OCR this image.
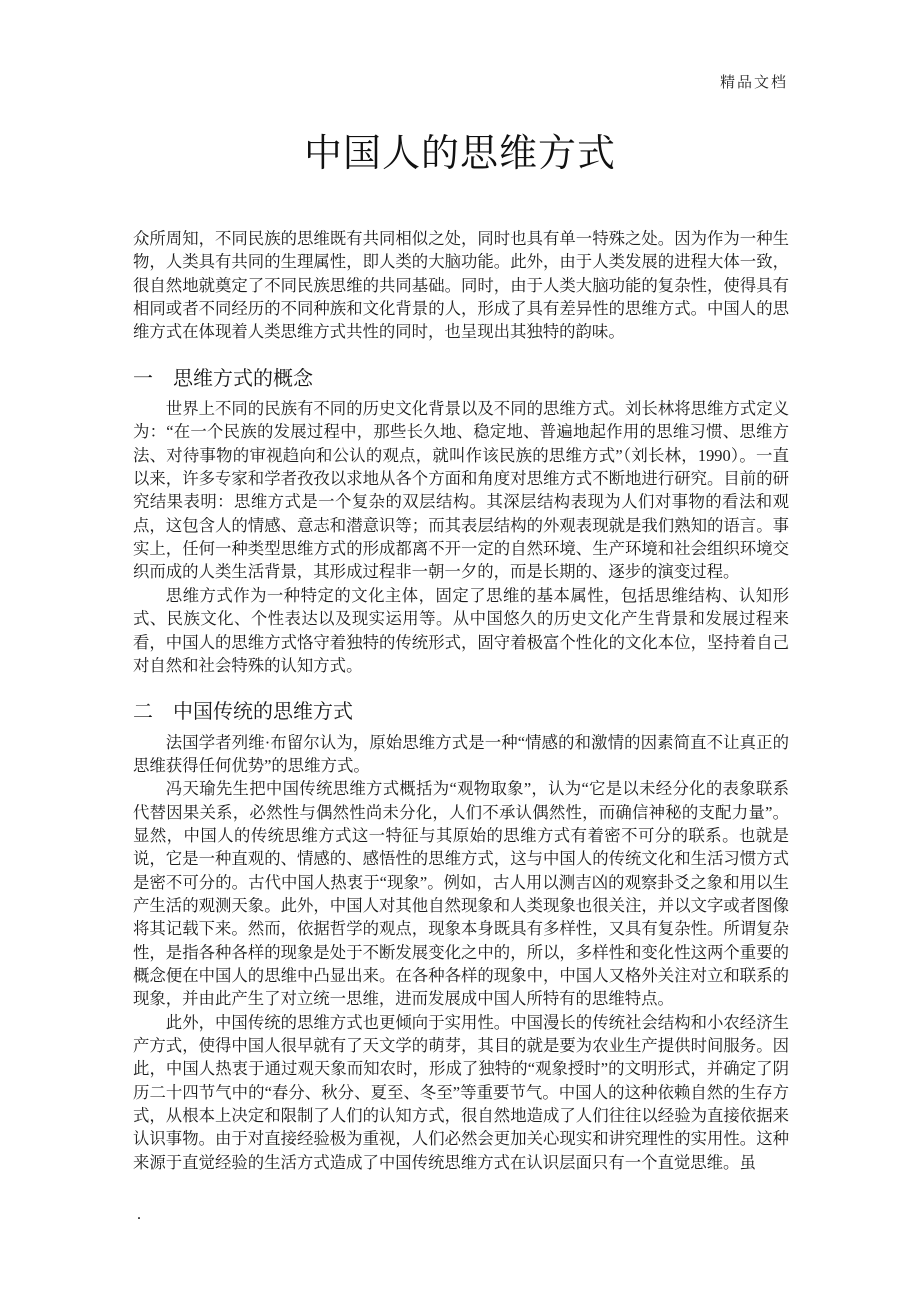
精品文档
中国人的思维方式

众所周知，不同民族的思维既有共同相似之处，同时也具有单一特殊之处。因为作为一种生物，人类具有共同的生理属性，即人类的大脑功能。此外，由于人类发展的进程大体一致，很自然地就奠定了不同民族思维的共同基础。同时，由于人类大脑功能的复杂性，使得具有相同或者不同经历的不同种族和文化背景的人，形成了具有差异性的思维方式。中国人的思维方式在体现着人类思维方式共性的同时，也呈现出其独特的韵味。

一　思维方式的概念

世界上不同的民族有不同的历史文化背景以及不同的思维方式。刘长林将思维方式定义为：“在一个民族的发展过程中，那些长久地、稳定地、普遍地起作用的思维习惯、思维方法、对待事物的审视趋向和公认的观点，就叫作该民族的思维方式”（刘长林，1990）。一直以来，许多专家和学者孜孜以求地从各个方面和角度对思维方式不断地进行研究。目前的研究结果表明：思维方式是一个复杂的双层结构。其深层结构表现为人们对事物的看法和观点，这包含人的情感、意志和潜意识等；而其表层结构的外观表现就是我们熟知的语言。事实上，任何一种类型思维方式的形成都离不开一定的自然环境、生产环境和社会组织环境交织而成的人类生活背景，其形成过程非一朝一夕的，而是长期的、逐步的演变过程。

思维方式作为一种特定的文化主体，固定了思维的基本属性，包括思维结构、认知形式、民族文化、个性表达以及现实运用等。从中国悠久的历史文化产生背景和发展过程来看，中国人的思维方式恪守着独特的传统形式，固守着极富个性化的文化本位，坚持着自己对自然和社会特殊的认知方式。

二　中国传统的思维方式

法国学者列维·布留尔认为，原始思维方式是一种“情感的和激情的因素简直不让真正的思维获得任何优势”的思维方式。

冯天瑜先生把中国传统思维方式概括为“观物取象”，认为“它是以未经分化的表象联系代替因果关系，必然性与偶然性尚未分化，人们不承认偶然性，而确信神秘的支配力量”。显然，中国人的传统思维方式这一特征与其原始的思维方式有着密不可分的联系。也就是说，它是一种直观的、情感的、感悟性的思维方式，这与中国人的传统文化和生活习惯方式是密不可分的。古代中国人热衷于“现象”。例如，古人用以测吉凶的观察卦爻之象和用以生产生活的观测天象。此外，中国人对其他自然现象和人类现象也很关注，并以文字或者图像将其记载下来。然而，依据哲学的观点，现象本身既具有多样性，又具有复杂性。所谓复杂性，是指各种各样的现象是处于不断发展变化之中的，所以，多样性和变化性这两个重要的概念便在中国人的思维中凸显出来。在各种各样的现象中，中国人又格外关注对立和联系的现象，并由此产生了对立统一思维，进而发展成中国人所特有的思维特点。

此外，中国传统的思维方式也更倾向于实用性。中国漫长的传统社会结构和小农经济生产方式，使得中国人很早就有了天文学的萌芽，其目的就是要为农业生产提供时间服务。因此，中国人热衷于通过观天象而知农时，形成了独特的“观象授时”的文明形式，并确定了阴历二十四节气中的“春分、秋分、夏至、冬至”等重要节气。中国人的这种依赖自然的生存方式，从根本上决定和限制了人们的认知方式，很自然地造成了人们往往以经验为直接依据来认识事物。由于对直接经验极为重视，人们必然会更加关心现实和讲究理性的实用性。这种来源于直觉经验的生活方式造成了中国传统思维方式在认识层面只有一个直觉思维。虽

.
